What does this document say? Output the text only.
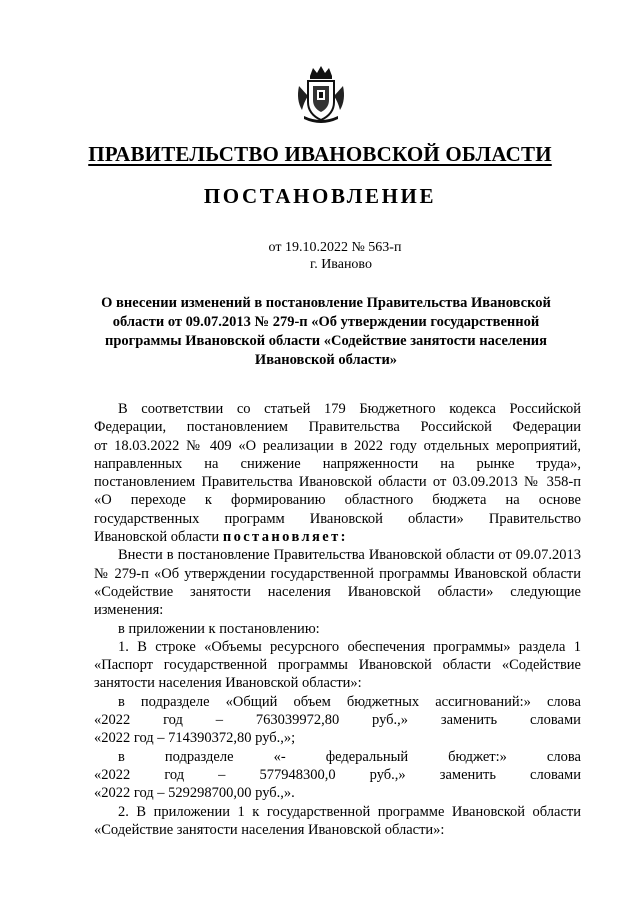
ПРАВИТЕЛЬСТВО ИВАНОВСКОЙ ОБЛАСТИ
ПОСТАНОВЛЕНИЕ
от 19.10.2022 № 563-п
г. Иваново
О внесении изменений в постановление Правительства Ивановской области от 09.07.2013 № 279-п «Об утверждении государственной программы Ивановской области «Содействие занятости населения Ивановской области»
В соответствии со статьей 179 Бюджетного кодекса Российской
Федерации, постановлением Правительства Российской Федерации
от 18.03.2022 № 409 «О реализации в 2022 году отдельных мероприятий,
направленных на снижение напряженности на рынке труда»,
постановлением Правительства Ивановской области от 03.09.2013 № 358-п
«О переходе к формированию областного бюджета на основе
государственных программ Ивановской области» Правительство
Ивановской области постановляет:

Внести в постановление Правительства Ивановской области от 09.07.2013 № 279-п «Об утверждении государственной программы Ивановской области «Содействие занятости населения Ивановской области» следующие изменения:

в приложении к постановлению:

1. В строке «Объемы ресурсного обеспечения программы» раздела 1 «Паспорт государственной программы Ивановской области «Содействие занятости населения Ивановской области»:

в подразделе «Общий объем бюджетных ассигнований:» слова

«2022 год – 763039972,80 руб.,» заменить словами

«2022 год – 714390372,80 руб.,»;

в	подразделе	«-	федеральный	бюджет:»	слова
«2022 год – 577948300,0 руб.,» заменить словами

«2022 год – 529298700,00 руб.,».

2. В приложении 1 к государственной программе Ивановской области «Содействие занятости населения Ивановской области»:
